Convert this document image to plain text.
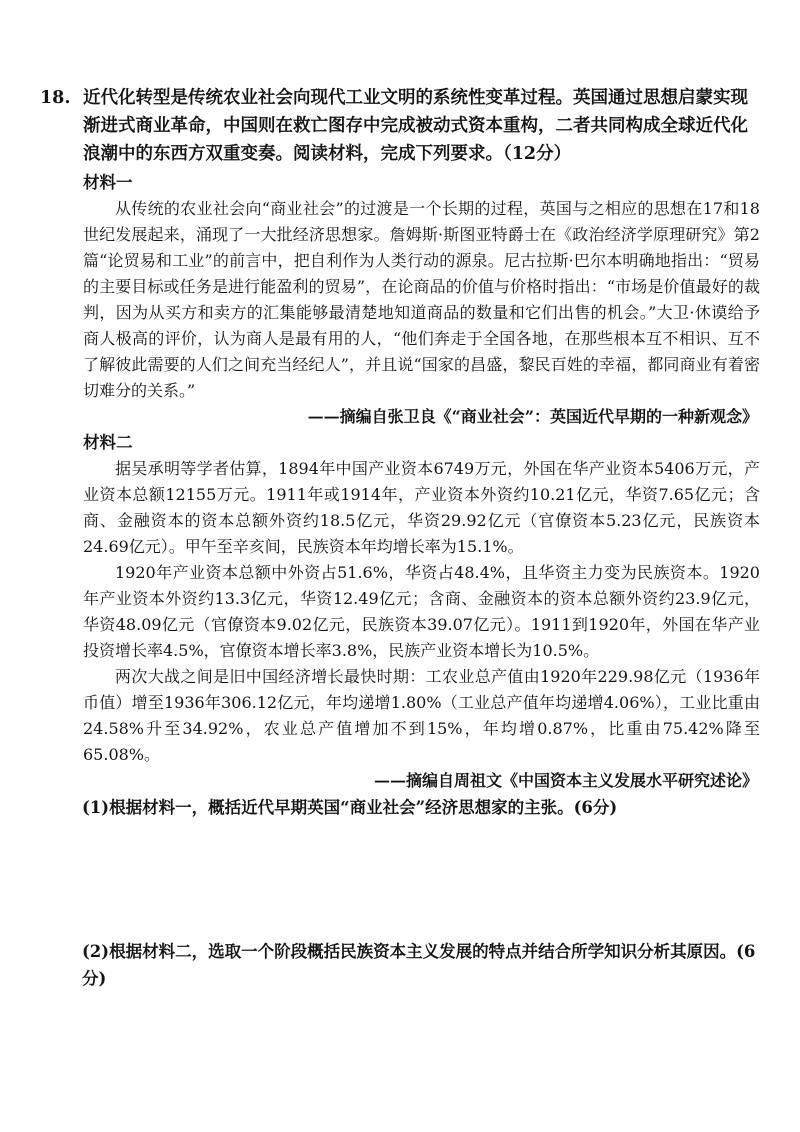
18. 近代化转型是传统农业社会向现代工业文明的系统性变革过程。英国通过思想启蒙实现渐进式商业革命，中国则在救亡图存中完成被动式资本重构，二者共同构成全球近代化浪潮中的东西方双重变奏。阅读材料，完成下列要求。（12分）
材料一

从传统的农业社会向“商业社会”的过渡是一个长期的过程，英国与之相应的思想在17和18世纪发展起来，涌现了一大批经济思想家。詹姆斯·斯图亚特爵士在《政治经济学原理研究》第2篇“论贸易和工业”的前言中，把自利作为人类行动的源泉。尼古拉斯·巴尔本明确地指出：“贸易的主要目标或任务是进行能盈利的贸易”，在论商品的价值与价格时指出：“市场是价值最好的裁判，因为从买方和卖方的汇集能够最清楚地知道商品的数量和它们出售的机会。”大卫·休谟给予商人极高的评价，认为商人是最有用的人，“他们奔走于全国各地，在那些根本互不相识、互不了解彼此需要的人们之间充当经纪人”，并且说“国家的昌盛，黎民百姓的幸福，都同商业有着密切难分的关系。”

——摘编自张卫良《“商业社会”：英国近代早期的一种新观念》
材料二

据吴承明等学者估算，1894年中国产业资本6749万元，外国在华产业资本5406万元，产业资本总额12155万元。1911年或1914年，产业资本外资约10.21亿元，华资7.65亿元；含商、金融资本的资本总额外资约18.5亿元，华资29.92亿元（官僚资本5.23亿元，民族资本24.69亿元）。甲午至辛亥间，民族资本年均增长率为15.1%。

1920年产业资本总额中外资占51.6%，华资占48.4%，且华资主力变为民族资本。1920年产业资本外资约13.3亿元，华资12.49亿元；含商、金融资本的资本总额外资约23.9亿元，华资48.09亿元（官僚资本9.02亿元，民族资本39.07亿元）。1911到1920年，外国在华产业投资增长率4.5%，官僚资本增长率3.8%，民族产业资本增长为10.5%。

两次大战之间是旧中国经济增长最快时期：工农业总产值由1920年229.98亿元（1936年币值）增至1936年306.12亿元，年均递增1.80%（工业总产值年均递增4.06%），工业比重由24.58%升至34.92%，农业总产值增加不到15%，年均增0.87%，比重由75.42%降至65.08%。

——摘编自周祖文《中国资本主义发展水平研究述论》
(1)根据材料一，概括近代早期英国“商业社会”经济思想家的主张。(6分)
(2)根据材料二，选取一个阶段概括民族资本主义发展的特点并结合所学知识分析其原因。(6分)
